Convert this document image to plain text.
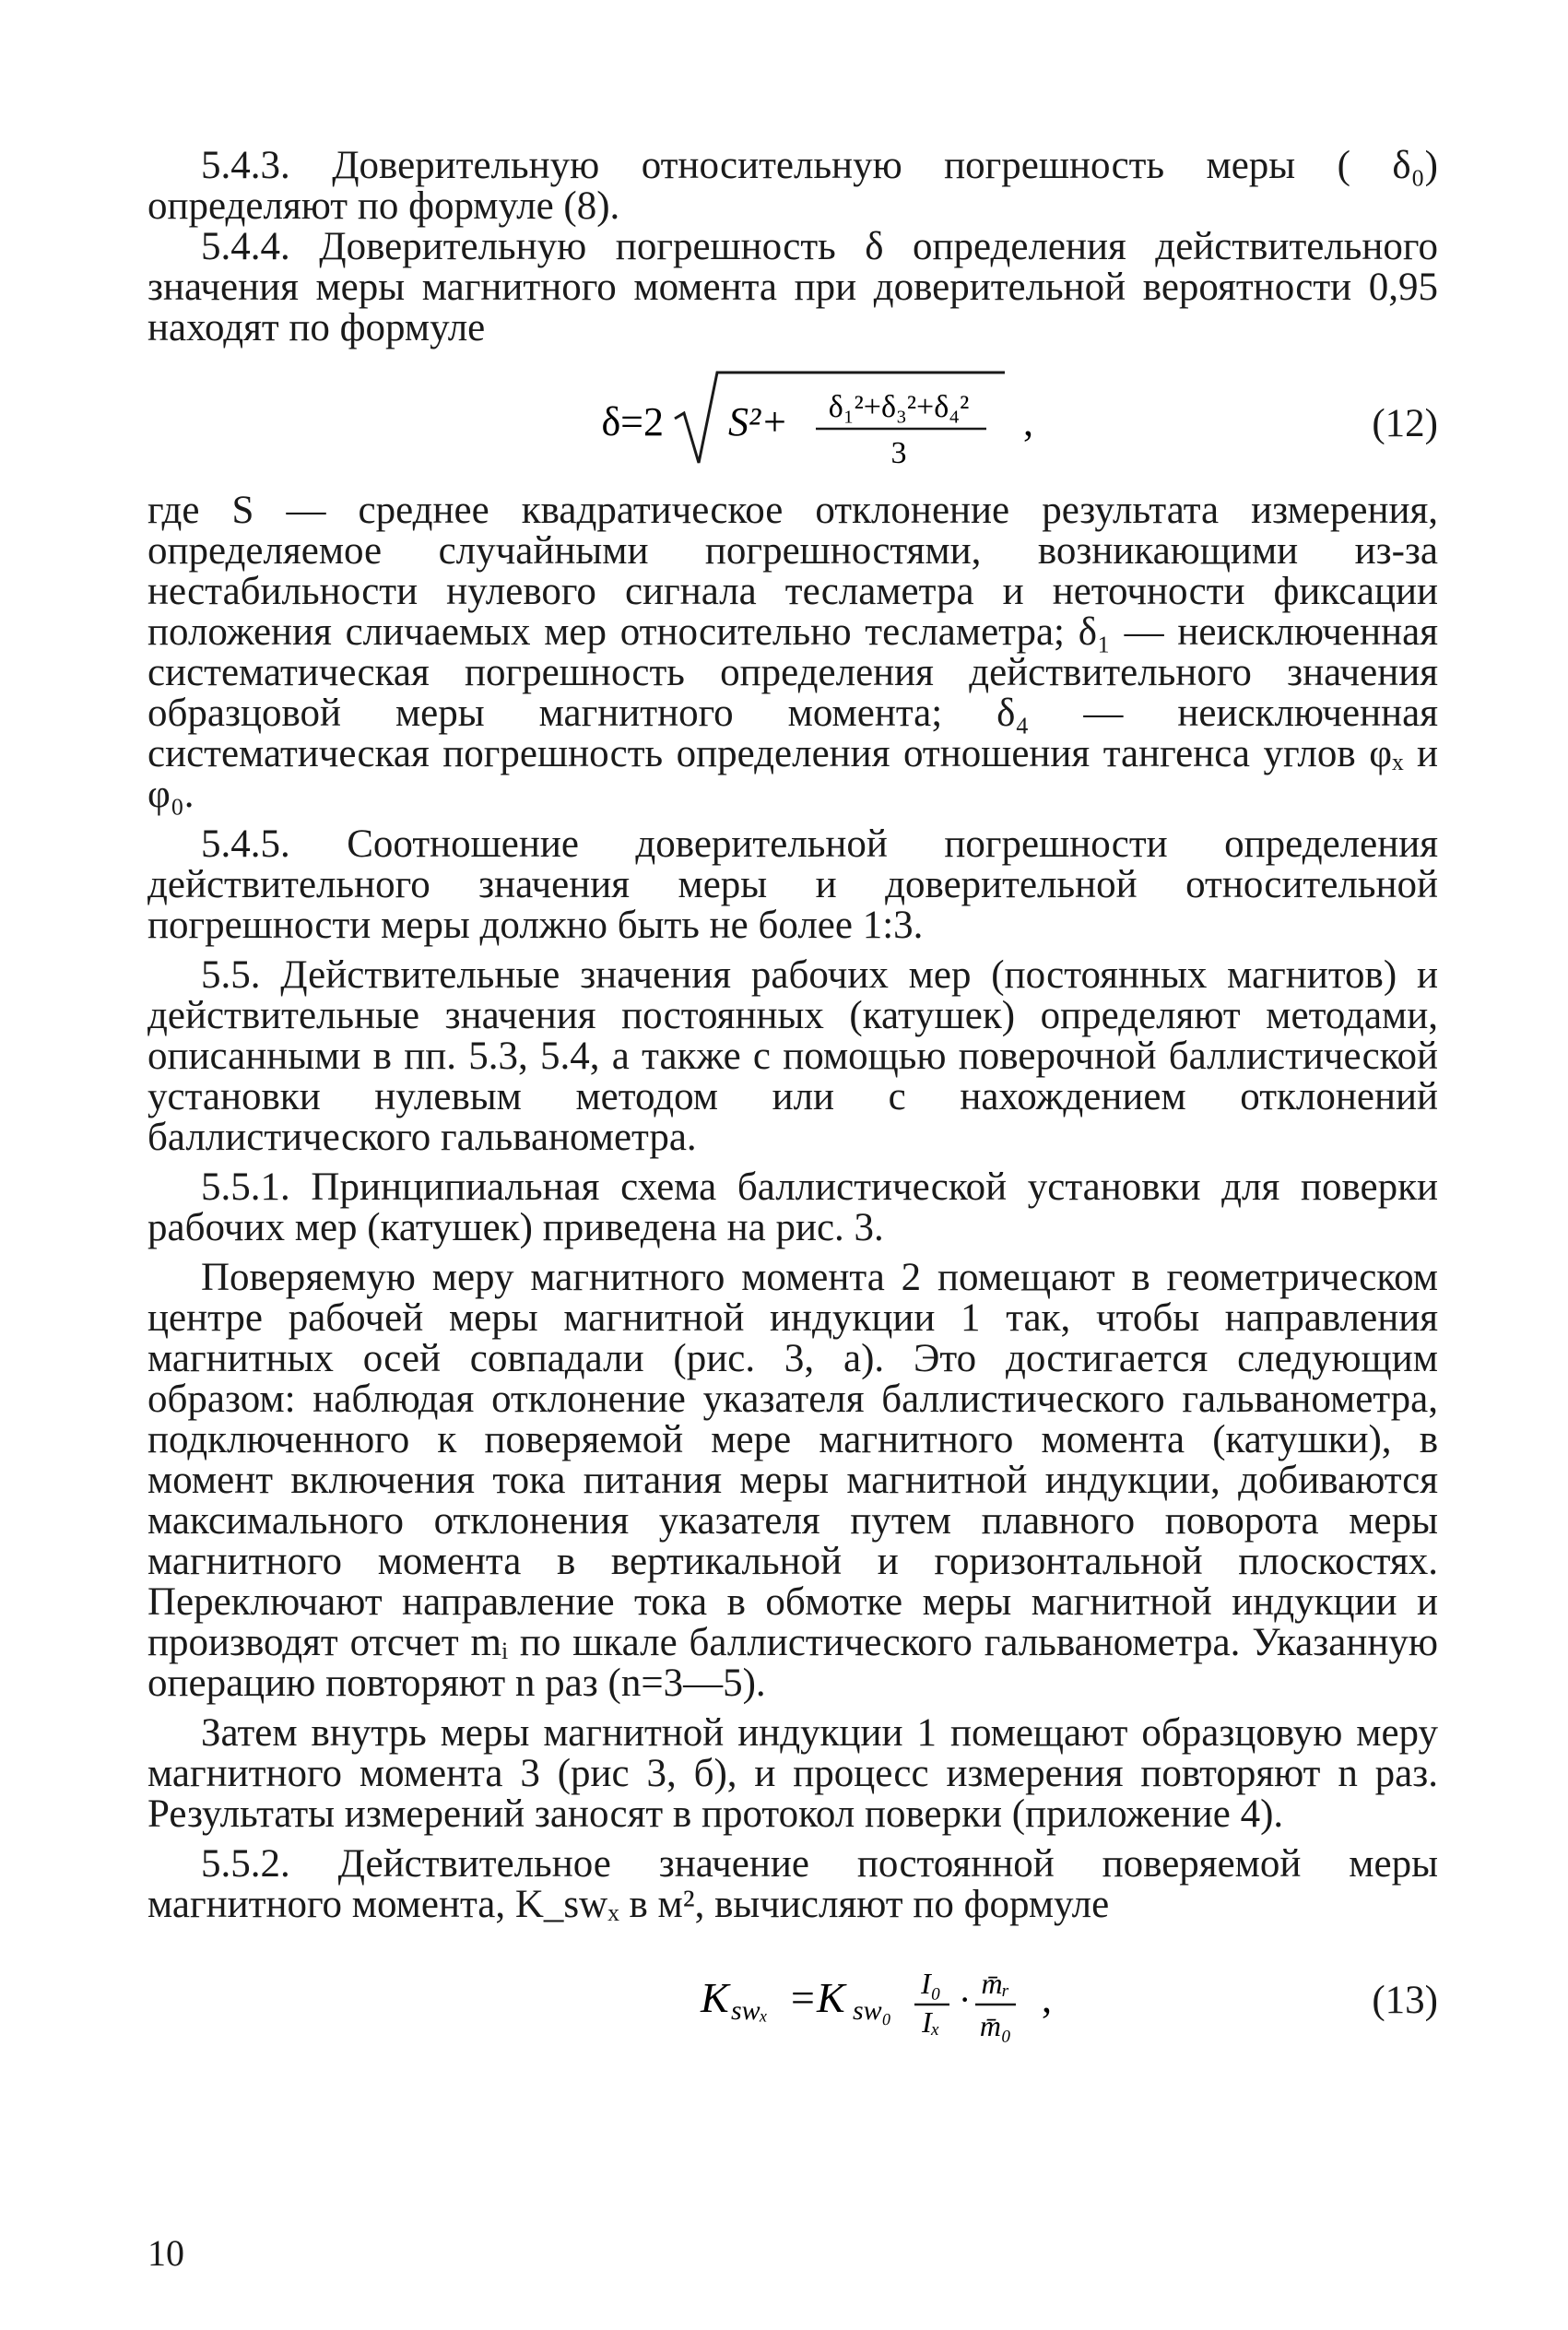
5.4.3. Доверительную относительную погрешность меры ( δ₀) определяют по формуле (8).

5.4.4. Доверительную погрешность δ определения действительного значения меры магнитного момента при доверительной вероятности 0,95 находят по формуле

δ=2 S²+ δ₁²+δ₃²+δ₄²
3
,	(12)

где S — среднее квадратическое отклонение результата измерения, определяемое случайными погрешностями, возникающими из-за нестабильности нулевого сигнала тесламетра и неточности фиксации положения сличаемых мер относительно тесламетра; δ₁ — неисключенная систематическая погрешность определения действительного значения образцовой меры магнитного момента; δ₄ — неисключенная систематическая погрешность определения отношения тангенса углов φₓ и φ₀.

5.4.5. Соотношение доверительной погрешности определения действительного значения меры и доверительной относительной погрешности меры должно быть не более 1:3.

5.5. Действительные значения рабочих мер (постоянных магнитов) и действительные значения постоянных (катушек) определяют методами, описанными в пп. 5.3, 5.4, а также с помощью поверочной баллистической установки нулевым методом или с нахождением отклонений баллистического гальванометра.

5.5.1. Принципиальная схема баллистической установки для поверки рабочих мер (катушек) приведена на рис. 3.

Поверяемую меру магнитного момента 2 помещают в геометрическом центре рабочей меры магнитной индукции 1 так, чтобы направления магнитных осей совпадали (рис. 3, а). Это достигается следующим образом: наблюдая отклонение указателя баллистического гальванометра, подключенного к поверяемой мере магнитного момента (катушки), в момент включения тока питания меры магнитной индукции, добиваются максимального отклонения указателя путем плавного поворота меры магнитного момента в вертикальной и горизонтальной плоскостях. Переключают направление тока в обмотке меры магнитной индукции и производят отсчет mᵢ по шкале баллистического гальванометра. Указанную операцию повторяют n раз (n=3—5).

Затем внутрь меры магнитной индукции 1 помещают образцовую меру магнитного момента 3 (рис 3, б), и процесс измерения повторяют n раз. Результаты измерений заносят в протокол поверки (приложение 4).

5.5.2. Действительное значение постоянной поверяемой меры магнитного момента, K_swₓ в м², вычисляют по формуле

K swₓ =K sw₀
I₀
Iₓ
· m̄ᵣ
m̄₀
,	(13)
10
